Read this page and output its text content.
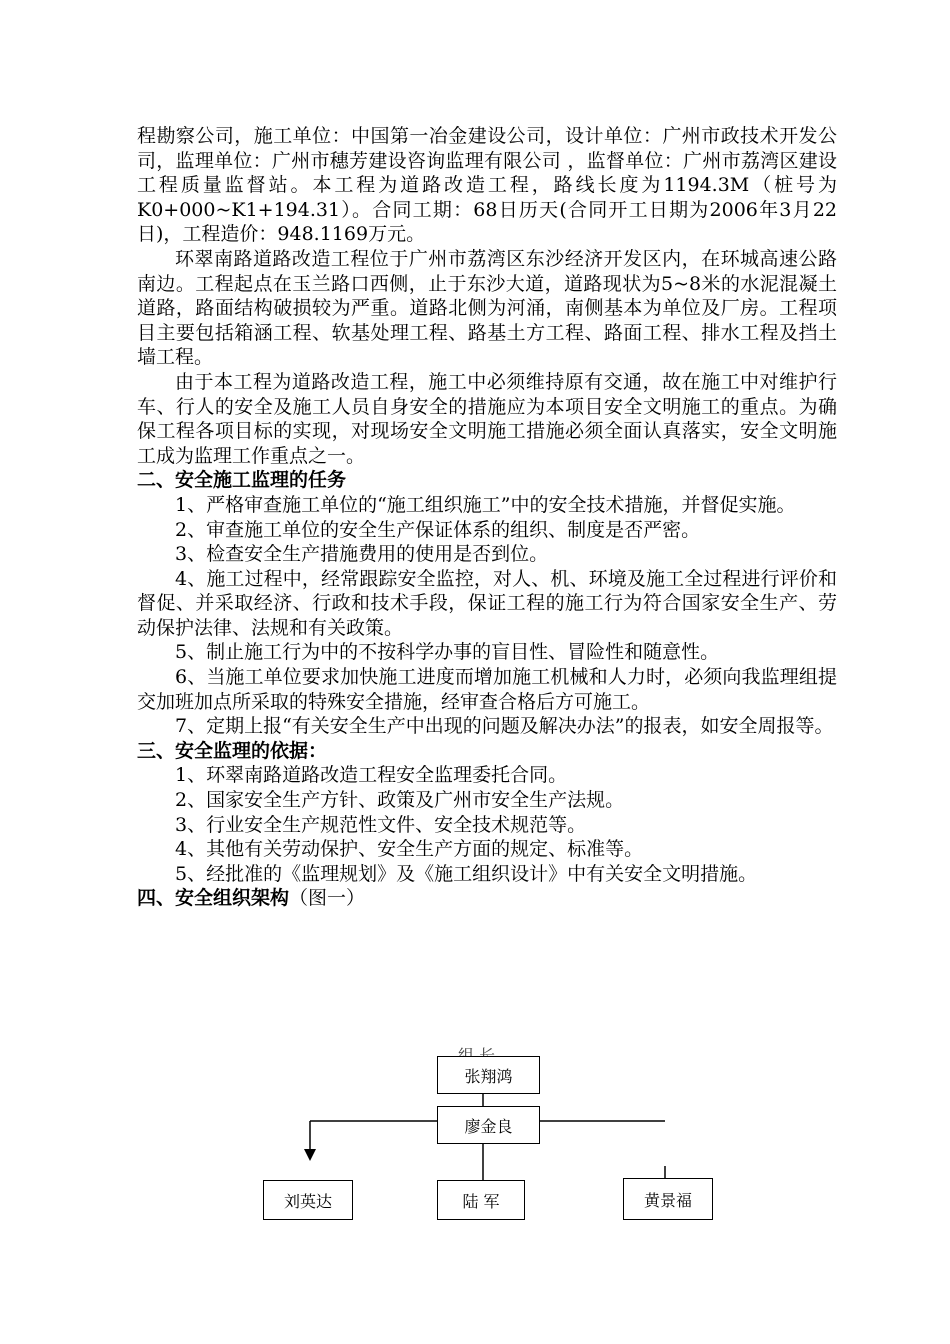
程勘察公司，施工单位：中国第一冶金建设公司，设计单位：广州市政技术开发公司，监理单位：广州市穗芳建设咨询监理有限公司 ，监督单位：广州市荔湾区建设工程质量监督站。本工程为道路改造工程，路线长度为1194.3M（桩号为K0+000~K1+194.31）。合同工期：68日历天(合同开工日期为2006年3月22日)，工程造价：948.1169万元。

环翠南路道路改造工程位于广州市荔湾区东沙经济开发区内，在环城高速公路南边。工程起点在玉兰路口西侧，止于东沙大道，道路现状为5~8米的水泥混凝土道路，路面结构破损较为严重。道路北侧为河涌，南侧基本为单位及厂房。工程项目主要包括箱涵工程、软基处理工程、路基土方工程、路面工程、排水工程及挡土墙工程。

由于本工程为道路改造工程，施工中必须维持原有交通，故在施工中对维护行车、行人的安全及施工人员自身安全的措施应为本项目安全文明施工的重点。为确保工程各项目标的实现，对现场安全文明施工措施必须全面认真落实，安全文明施工成为监理工作重点之一。

二、安全施工监理的任务

1、严格审查施工单位的“施工组织施工”中的安全技术措施，并督促实施。

2、审查施工单位的安全生产保证体系的组织、制度是否严密。

3、检查安全生产措施费用的使用是否到位。

4、施工过程中，经常跟踪安全监控，对人、机、环境及施工全过程进行评价和督促、并采取经济、行政和技术手段，保证工程的施工行为符合国家安全生产、劳动保护法律、法规和有关政策。

5、制止施工行为中的不按科学办事的盲目性、冒险性和随意性。

6、当施工单位要求加快施工进度而增加施工机械和人力时，必须向我监理组提交加班加点所采取的特殊安全措施，经审查合格后方可施工。

7、定期上报“有关安全生产中出现的问题及解决办法”的报表，如安全周报等。

三、安全监理的依据：

1、环翠南路道路改造工程安全监理委托合同。

2、国家安全生产方针、政策及广州市安全生产法规。

3、行业安全生产规范性文件、安全技术规范等。

4、其他有关劳动保护、安全生产方面的规定、标准等。

5、经批准的《监理规划》及《施工组织设计》中有关安全文明措施。

四、安全组织架构（图一）

张翔鸿
廖金良
刘英达	陆 军	黄景福
